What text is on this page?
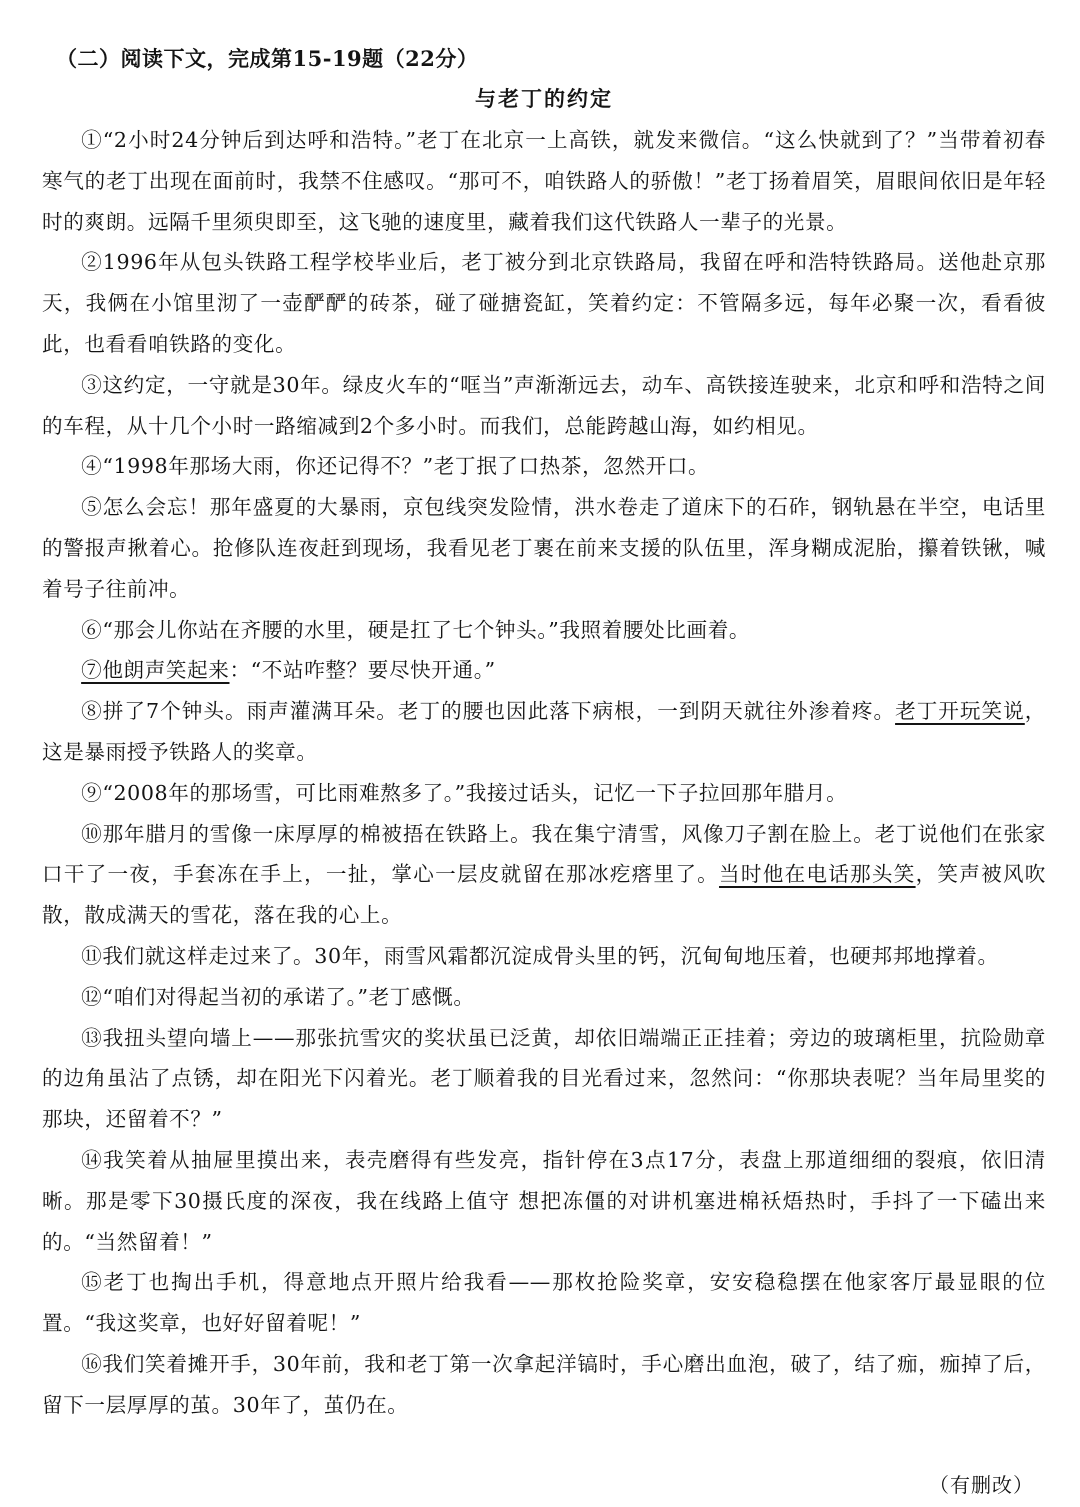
（二）阅读下文，完成第15-19题（22分）
与老丁的约定

①“2小时24分钟后到达呼和浩特。”老丁在北京一上高铁，就发来微信。“这么快就到了？”当带着初春寒气的老丁出现在面前时，我禁不住感叹。“那可不，咱铁路人的骄傲！”老丁扬着眉笑，眉眼间依旧是年轻时的爽朗。远隔千里须臾即至，这飞驰的速度里，藏着我们这代铁路人一辈子的光景。

②1996年从包头铁路工程学校毕业后，老丁被分到北京铁路局，我留在呼和浩特铁路局。送他赴京那天，我俩在小馆里沏了一壶酽酽的砖茶，碰了碰搪瓷缸，笑着约定：不管隔多远，每年必聚一次，看看彼此，也看看咱铁路的变化。

③这约定，一守就是30年。绿皮火车的“哐当”声渐渐远去，动车、高铁接连驶来，北京和呼和浩特之间的车程，从十几个小时一路缩减到2个多小时。而我们，总能跨越山海，如约相见。

④“1998年那场大雨，你还记得不？”老丁抿了口热茶，忽然开口。

⑤怎么会忘！那年盛夏的大暴雨，京包线突发险情，洪水卷走了道床下的石砟，钢轨悬在半空，电话里的警报声揪着心。抢修队连夜赶到现场，我看见老丁裹在前来支援的队伍里，浑身糊成泥胎，攥着铁锹，喊着号子往前冲。

⑥“那会儿你站在齐腰的水里，硬是扛了七个钟头。”我照着腰处比画着。

⑦他朗声笑起来：“不站咋整？要尽快开通。”

⑧拼了7个钟头。雨声灌满耳朵。老丁的腰也因此落下病根，一到阴天就往外渗着疼。老丁开玩笑说，这是暴雨授予铁路人的奖章。

⑨“2008年的那场雪，可比雨难熬多了。”我接过话头，记忆一下子拉回那年腊月。

⑩那年腊月的雪像一床厚厚的棉被捂在铁路上。我在集宁清雪，风像刀子割在脸上。老丁说他们在张家口干了一夜，手套冻在手上，一扯，掌心一层皮就留在那冰疙瘩里了。当时他在电话那头笑，笑声被风吹散，散成满天的雪花，落在我的心上。

⑪我们就这样走过来了。30年，雨雪风霜都沉淀成骨头里的钙，沉甸甸地压着，也硬邦邦地撑着。

⑫“咱们对得起当初的承诺了。”老丁感慨。

⑬我扭头望向墙上——那张抗雪灾的奖状虽已泛黄，却依旧端端正正挂着；旁边的玻璃柜里，抗险勋章的边角虽沾了点锈，却在阳光下闪着光。老丁顺着我的目光看过来，忽然问：“你那块表呢？当年局里奖的那块，还留着不？”

⑭我笑着从抽屉里摸出来，表壳磨得有些发亮，指针停在3点17分，表盘上那道细细的裂痕，依旧清晰。那是零下30摄氏度的深夜，我在线路上值守 想把冻僵的对讲机塞进棉袄焐热时，手抖了一下磕出来的。“当然留着！”

⑮老丁也掏出手机，得意地点开照片给我看——那枚抢险奖章，安安稳稳摆在他家客厅最显眼的位置。“我这奖章，也好好留着呢！”

⑯我们笑着摊开手，30年前，我和老丁第一次拿起洋镐时，手心磨出血泡，破了，结了痂，痂掉了后，留下一层厚厚的茧。30年了，茧仍在。

（有删改）
